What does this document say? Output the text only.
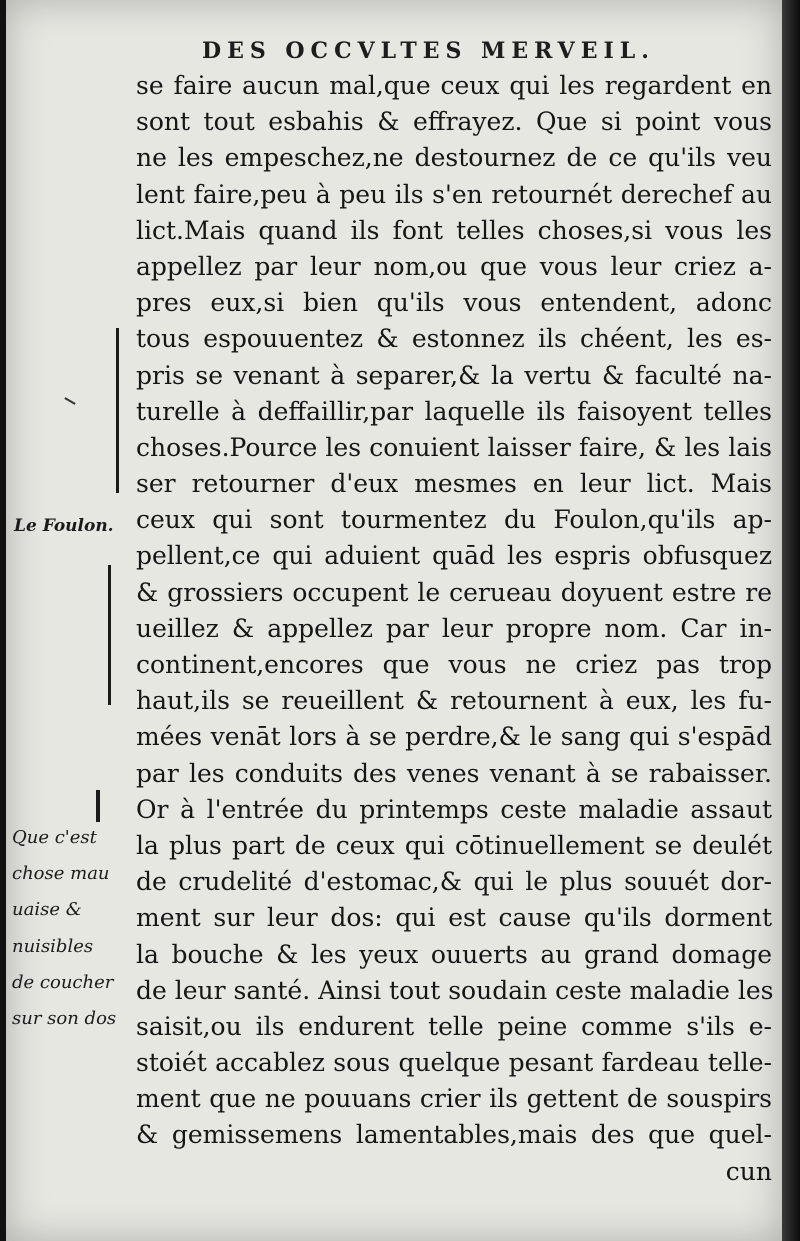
DES OCCVLTES MERVEIL.
se faire aucun mal,que ceux qui les regardent en
sont tout esbahis & effrayez. Que si point vous
ne les empeschez,ne destournez de ce qu'ils veu
lent faire,peu à peu ils s'en retournét derechef au
lict.Mais quand ils font telles choses,si vous les
appellez par leur nom,ou que vous leur criez a-
pres eux,si bien qu'ils vous entendent, adonc
tous espouuentez & estonnez ils chéent, les es-
pris se venant à separer,& la vertu & faculté na-
turelle à deffaillir,par laquelle ils faisoyent telles
choses.Pource les conuient laisser faire, & les lais
ser retourner d'eux mesmes en leur lict. Mais
ceux qui sont tourmentez du Foulon,qu'ils ap-
pellent,ce qui aduient quād les espris obfusquez
& grossiers occupent le cerueau doyuent estre re
ueillez & appellez par leur propre nom. Car in-
continent,encores que vous ne criez pas trop
haut,ils se reueillent & retournent à eux, les fu-
mées venāt lors à se perdre,& le sang qui s'espād
par les conduits des venes venant à se rabaisser.
Or à l'entrée du printemps ceste maladie assaut
la plus part de ceux qui cōtinuellement se deulét
de crudelité d'estomac,& qui le plus souuét dor-
ment sur leur dos: qui est cause qu'ils dorment
la bouche & les yeux ouuerts au grand domage
de leur santé. Ainsi tout soudain ceste maladie les
saisit,ou ils endurent telle peine comme s'ils e-
stoiét accablez sous quelque pesant fardeau telle-
ment que ne pouuans crier ils gettent de souspirs
& gemissemens lamentables,mais des que quel-
cun
Le Foulon.
Que c'est
chose mau
uaise &
nuisibles
de coucher
sur son dos
